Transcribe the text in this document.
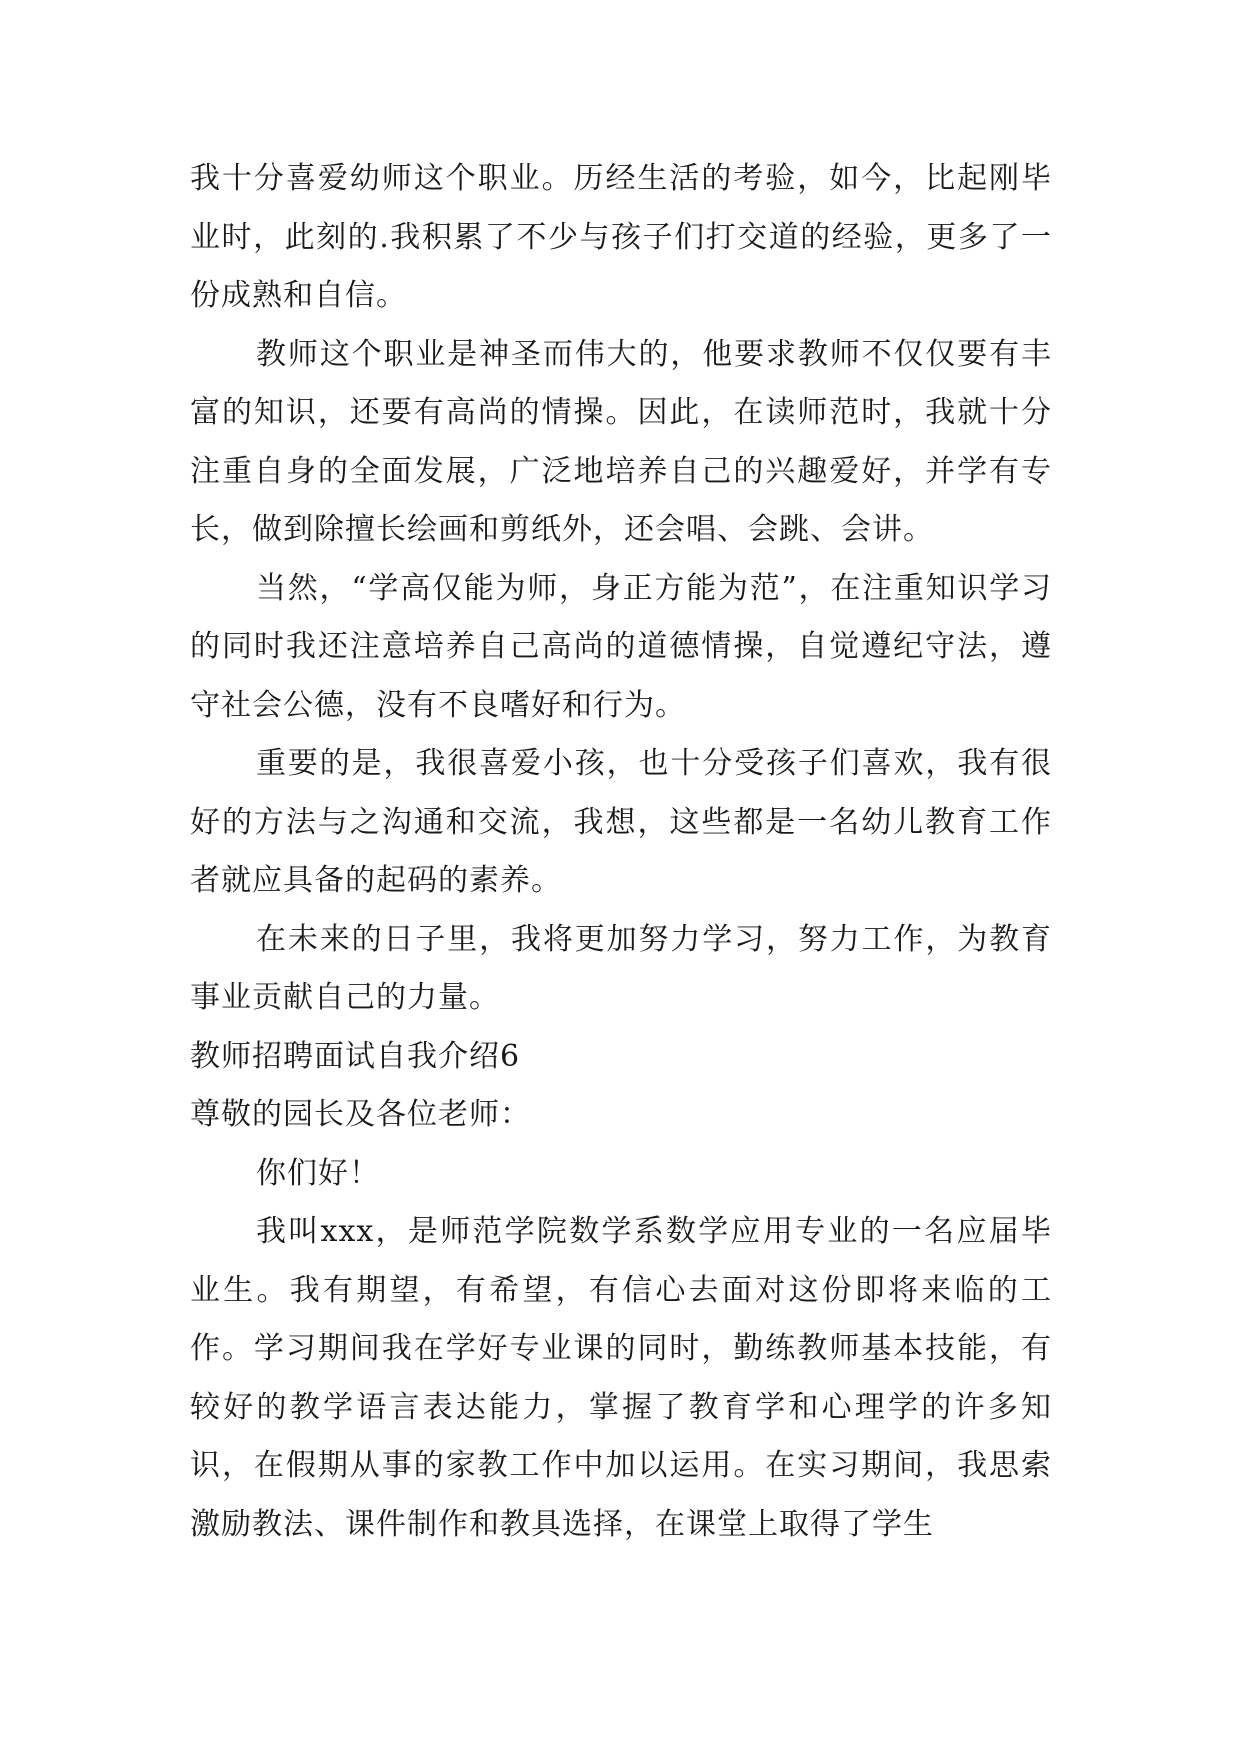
我十分喜爱幼师这个职业。历经生活的考验，如今，比起刚毕业时，此刻的.我积累了不少与孩子们打交道的经验，更多了一份成熟和自信。

教师这个职业是神圣而伟大的，他要求教师不仅仅要有丰富的知识，还要有高尚的情操。因此，在读师范时，我就十分注重自身的全面发展，广泛地培养自己的兴趣爱好，并学有专长，做到除擅长绘画和剪纸外，还会唱、会跳、会讲。

当然，“学高仅能为师，身正方能为范”，在注重知识学习的同时我还注意培养自己高尚的道德情操，自觉遵纪守法，遵守社会公德，没有不良嗜好和行为。

重要的是，我很喜爱小孩，也十分受孩子们喜欢，我有很好的方法与之沟通和交流，我想，这些都是一名幼儿教育工作者就应具备的起码的素养。

在未来的日子里，我将更加努力学习，努力工作，为教育事业贡献自己的力量。

教师招聘面试自我介绍6

尊敬的园长及各位老师：

你们好！

我叫xxx，是师范学院数学系数学应用专业的一名应届毕业生。我有期望，有希望，有信心去面对这份即将来临的工作。学习期间我在学好专业课的同时，勤练教师基本技能，有较好的教学语言表达能力，掌握了教育学和心理学的许多知识，在假期从事的家教工作中加以运用。在实习期间，我思索激励教法、课件制作和教具选择，在课堂上取得了学生
